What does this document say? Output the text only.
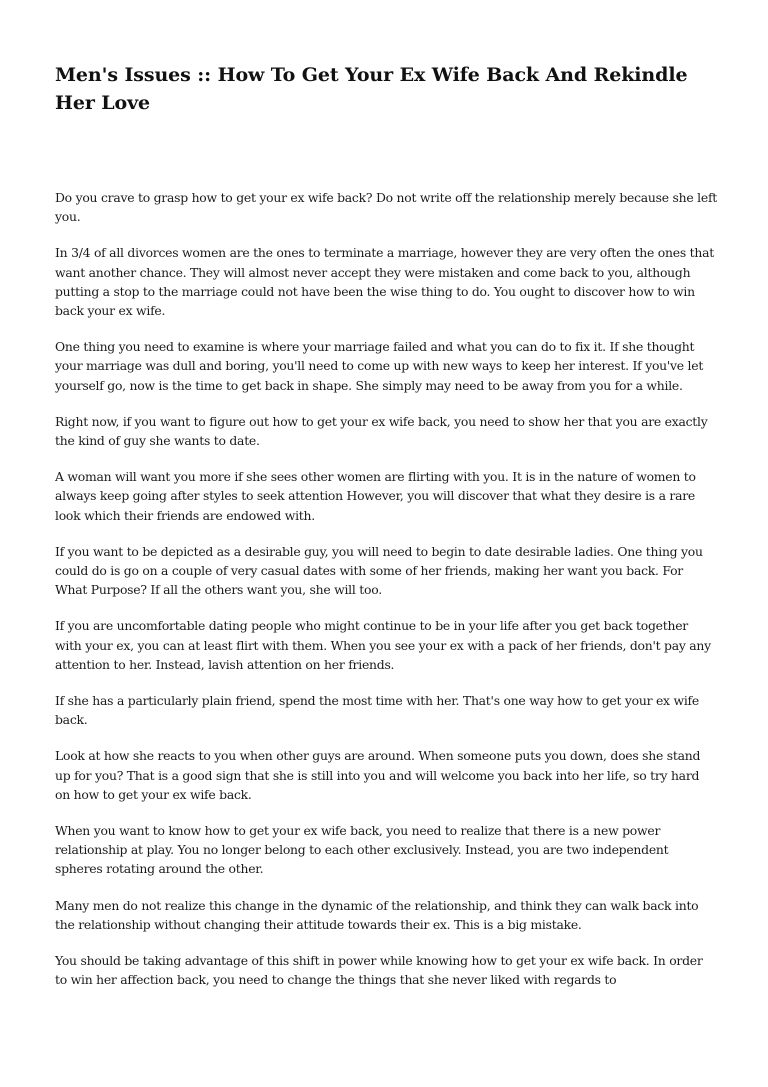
Men's Issues :: How To Get Your Ex Wife Back And Rekindle Her Love

Do you crave to grasp how to get your ex wife back? Do not write off the relationship merely because she left you.

In 3/4 of all divorces women are the ones to terminate a marriage, however they are very often the ones that want another chance. They will almost never accept they were mistaken and come back to you, although putting a stop to the marriage could not have been the wise thing to do. You ought to discover how to win back your ex wife.

One thing you need to examine is where your marriage failed and what you can do to fix it. If she thought your marriage was dull and boring, you'll need to come up with new ways to keep her interest. If you've let yourself go, now is the time to get back in shape. She simply may need to be away from you for a while.

Right now, if you want to figure out how to get your ex wife back, you need to show her that you are exactly the kind of guy she wants to date.

A woman will want you more if she sees other women are flirting with you. It is in the nature of women to always keep going after styles to seek attention However, you will discover that what they desire is a rare look which their friends are endowed with.

If you want to be depicted as a desirable guy, you will need to begin to date desirable ladies. One thing you could do is go on a couple of very casual dates with some of her friends, making her want you back. For What Purpose? If all the others want you, she will too.

If you are uncomfortable dating people who might continue to be in your life after you get back together with your ex, you can at least flirt with them. When you see your ex with a pack of her friends, don't pay any attention to her. Instead, lavish attention on her friends.

If she has a particularly plain friend, spend the most time with her. That's one way how to get your ex wife back.

Look at how she reacts to you when other guys are around. When someone puts you down, does she stand up for you? That is a good sign that she is still into you and will welcome you back into her life, so try hard on how to get your ex wife back.

When you want to know how to get your ex wife back, you need to realize that there is a new power relationship at play. You no longer belong to each other exclusively. Instead, you are two independent spheres rotating around the other.

Many men do not realize this change in the dynamic of the relationship, and think they can walk back into the relationship without changing their attitude towards their ex. This is a big mistake.

You should be taking advantage of this shift in power while knowing how to get your ex wife back. In order to win her affection back, you need to change the things that she never liked with regards to
